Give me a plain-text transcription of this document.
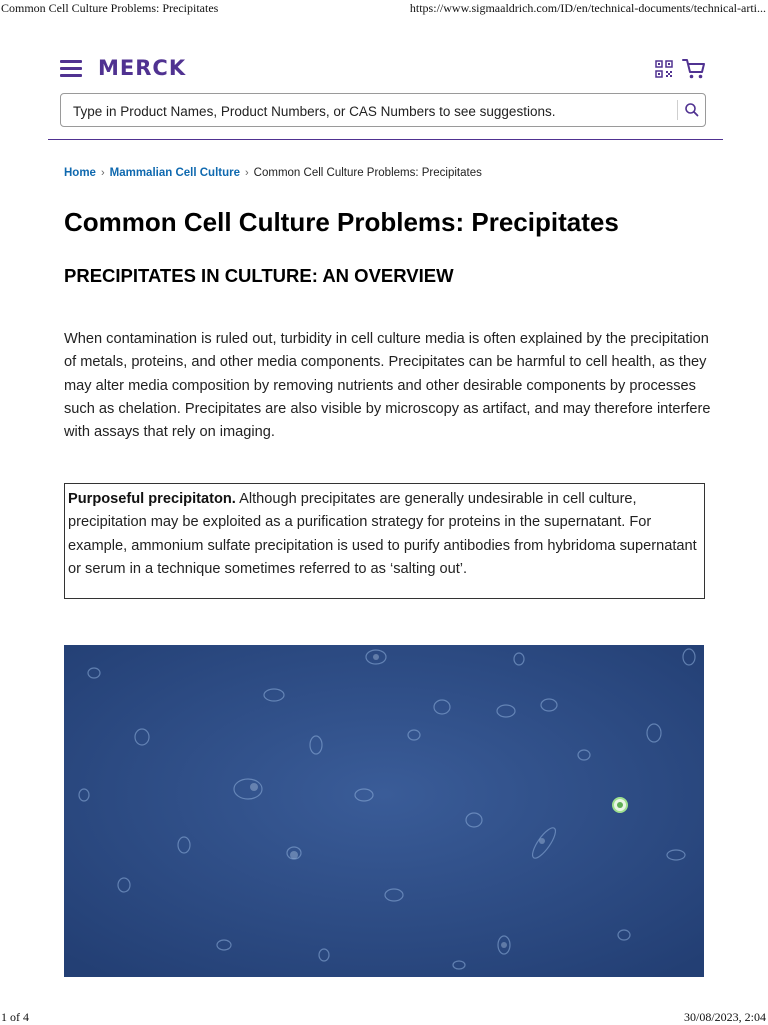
Common Cell Culture Problems: Precipitates	https://www.sigmaaldrich.com/ID/en/technical-documents/technical-arti...
MERCK
Type in Product Names, Product Numbers, or CAS Numbers to see suggestions.
Home › Mammalian Cell Culture › Common Cell Culture Problems: Precipitates
Common Cell Culture Problems: Precipitates
PRECIPITATES IN CULTURE: AN OVERVIEW

When contamination is ruled out, turbidity in cell culture media is often explained by the precipitation of metals, proteins, and other media components. Precipitates can be harmful to cell health, as they may alter media composition by removing nutrients and other desirable components by processes such as chelation. Precipitates are also visible by microscopy as artifact, and may therefore interfere with assays that rely on imaging.

Purposeful precipitaton. Although precipitates are generally undesirable in cell culture, precipitation may be exploited as a purification strategy for proteins in the supernatant. For example, ammonium sulfate precipitation is used to purify antibodies from hybridoma supernatant or serum in a technique sometimes referred to as ‘salting out’.

1 of 4	30/08/2023, 2:04
